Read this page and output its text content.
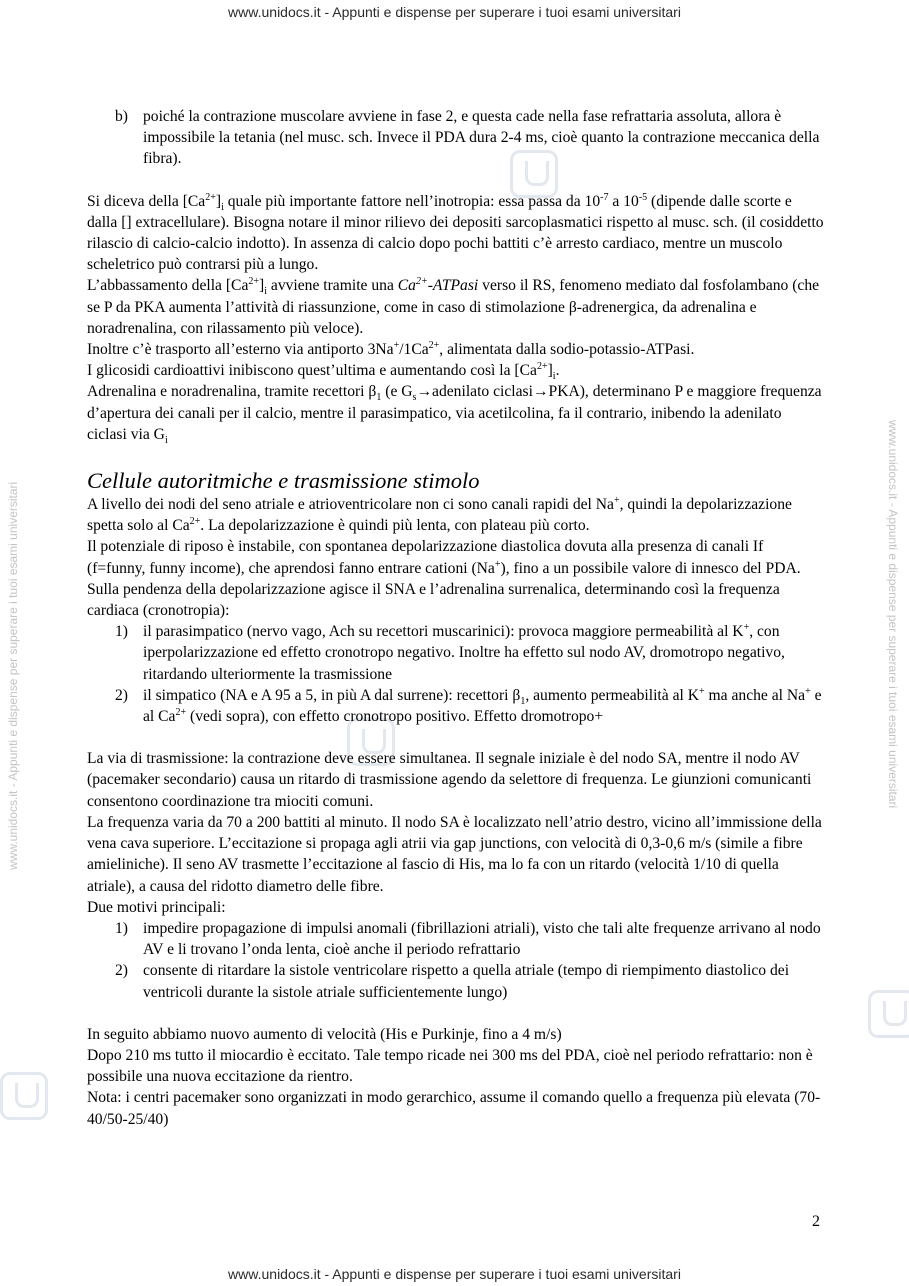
www.unidocs.it - Appunti e dispense per superare i tuoi esami universitari
www.unidocs.it - Appunti e dispense per superare i tuoi esami universitari	www.unidocs.it - Appunti e dispense per superare i tuoi esami universitari
b) poiché la contrazione muscolare avviene in fase 2, e questa cade nella fase refrattaria assoluta, allora è impossibile la tetania (nel musc. sch. Invece il PDA dura 2-4 ms, cioè quanto la contrazione meccanica della fibra).

Si diceva della $[Ca^{2+}]_i$ quale più importante fattore nell’inotropia: essa passa da $10^{-7}$ a $10^{-5}$ (dipende dalle scorte e dalla [] extracellulare). Bisogna notare il minor rilievo dei depositi sarcoplasmatici rispetto al musc. sch. (il cosiddetto rilascio di calcio-calcio indotto). In assenza di calcio dopo pochi battiti c’è arresto cardiaco, mentre un muscolo scheletrico può contrarsi più a lungo.

L’abbassamento della $[Ca^{2+}]_i$ avviene tramite una $Ca^{2+}$-ATPasi verso il RS, fenomeno mediato dal fosfolambano (che se P da PKA aumenta l’attività di riassunzione, come in caso di stimolazione β-adrenergica, da adrenalina e noradrenalina, con rilassamento più veloce).

Inoltre c’è trasporto all’esterno via antiporto $3Na^+/1Ca^{2+}$, alimentata dalla sodio-potassio-ATPasi.

I glicosidi cardioattivi inibiscono quest’ultima e aumentando così la $[Ca^{2+}]_i$.

Adrenalina e noradrenalina, tramite recettori $\beta_1$ (e $G_s\to adenilato$ ciclasi→PKA), determinano P e maggiore frequenza d’apertura dei canali per il calcio, mentre il parasimpatico, via acetilcolina, fa il contrario, inibendo la adenilato ciclasi via $G_i$

Cellule autoritmiche e trasmissione stimolo

A livello dei nodi del seno atriale e atrioventricolare non ci sono canali rapidi del Na+, quindi la depolarizzazione spetta solo al $Ca^{2+}$. La depolarizzazione è quindi più lenta, con plateau più corto.

Il potenziale di riposo è instabile, con spontanea depolarizzazione diastolica dovuta alla presenza di canali If (f=funny, funny income), che aprendosi fanno entrare cationi (Na+), fino a un possibile valore di innesco del PDA. Sulla pendenza della depolarizzazione agisce il SNA e l’adrenalina surrenalica, determinando così la frequenza cardiaca (cronotropia):

1) il parasimpatico (nervo vago, Ach su recettori muscarinici): provoca maggiore permeabilità al K+, con iperpolarizzazione ed effetto cronotropo negativo. Inoltre ha effetto sul nodo AV, dromotropo negativo, ritardando ulteriormente la trasmissione
2) il simpatico (NA e A 95 a 5, in più A dal surrene): recettori $\beta_1$, aumento permeabilità al K+ ma anche al Na+ e al $Ca^{2+}$ (vedi sopra), con effetto cronotropo positivo. Effetto dromotropo+

La via di trasmissione: la contrazione deve essere simultanea. Il segnale iniziale è del nodo SA, mentre il nodo AV (pacemaker secondario) causa un ritardo di trasmissione agendo da selettore di frequenza. Le giunzioni comunicanti consentono coordinazione tra miociti comuni.

La frequenza varia da 70 a 200 battiti al minuto. Il nodo SA è localizzato nell’atrio destro, vicino all’immissione della vena cava superiore. L’eccitazione si propaga agli atrii via gap junctions, con velocità di 0,3-0,6 m/s (simile a fibre amieliniche). Il seno AV trasmette l’eccitazione al fascio di His, ma lo fa con un ritardo (velocità 1/10 di quella atriale), a causa del ridotto diametro delle fibre.

Due motivi principali:

1) impedire propagazione di impulsi anomali (fibrillazioni atriali), visto che tali alte frequenze arrivano al nodo AV e li trovano l’onda lenta, cioè anche il periodo refrattario
2) consente di ritardare la sistole ventricolare rispetto a quella atriale (tempo di riempimento diastolico dei ventricoli durante la sistole atriale sufficientemente lungo)

In seguito abbiamo nuovo aumento di velocità (His e Purkinje, fino a 4 m/s)

Dopo 210 ms tutto il miocardio è eccitato. Tale tempo ricade nei 300 ms del PDA, cioè nel periodo refrattario: non è possibile una nuova eccitazione da rientro.

Nota: i centri pacemaker sono organizzati in modo gerarchico, assume il comando quello a frequenza più elevata (70-40/50-25/40)

2
www.unidocs.it - Appunti e dispense per superare i tuoi esami universitari
